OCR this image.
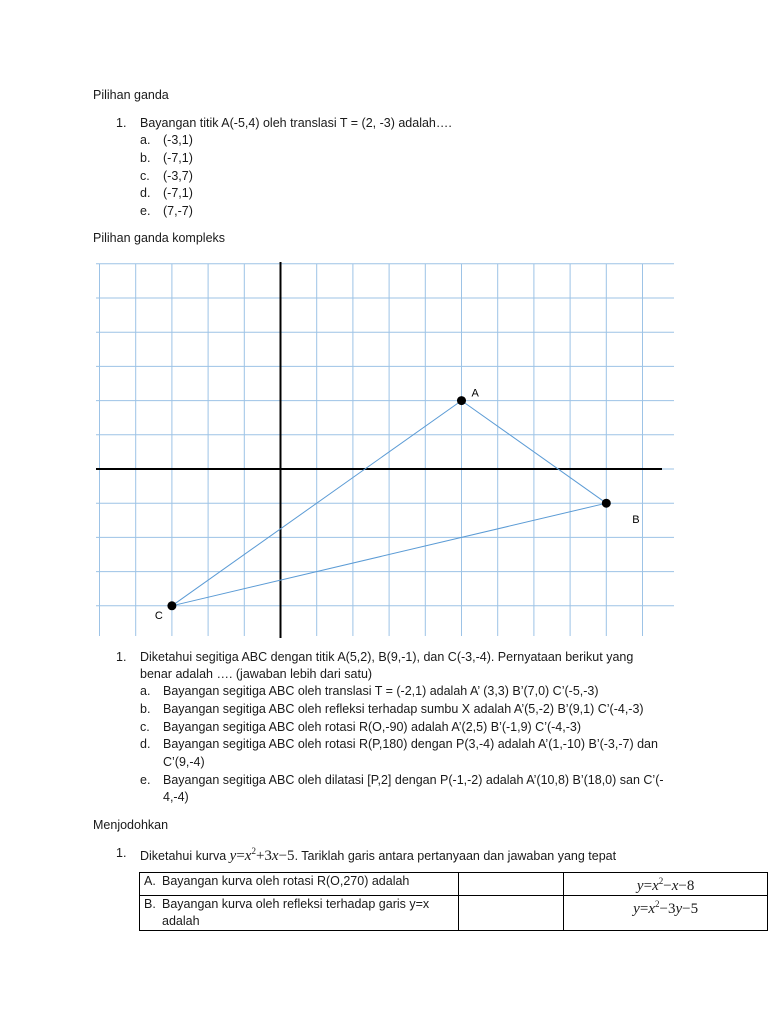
Pilihan ganda
1. Bayangan titik A(-5,4) oleh translasi T = (2, -3) adalah….
a. (-3,1)
b. (-7,1)
c. (-3,7)
d. (-7,1)
e. (7,-7)
Pilihan ganda kompleks
A
B
C
1. Diketahui segitiga ABC dengan titik A(5,2), B(9,-1), dan C(-3,-4). Pernyataan berikut yang
benar adalah …. (jawaban lebih dari satu)
a. Bayangan segitiga ABC oleh translasi T = (-2,1) adalah A’ (3,3) B’(7,0) C’(-5,-3)
b. Bayangan segitiga ABC oleh refleksi terhadap sumbu X adalah A’(5,-2) B’(9,1) C’(-4,-3)
c. Bayangan segitiga ABC oleh rotasi R(O,-90) adalah A’(2,5) B’(-1,9) C’(-4,-3)
d. Bayangan segitiga ABC oleh rotasi R(P,180) dengan P(3,-4) adalah A’(1,-10) B’(-3,-7) dan
C’(9,-4)
e. Bayangan segitiga ABC oleh dilatasi [P,2] dengan P(-1,-2) adalah A’(10,8) B’(18,0) san C’(-
4,-4)
Menjodohkan
1. Diketahui kurva $y=x^2+3x-5$. Tariklah garis antara pertanyaan dan jawaban yang tepat
A. Bayangan kurva oleh rotasi R(O,270) adalah		$y=x^2-x-8$
B. Bayangan kurva oleh refleksi terhadap garis y=x
adalah		$y=x^2-3y-5$
